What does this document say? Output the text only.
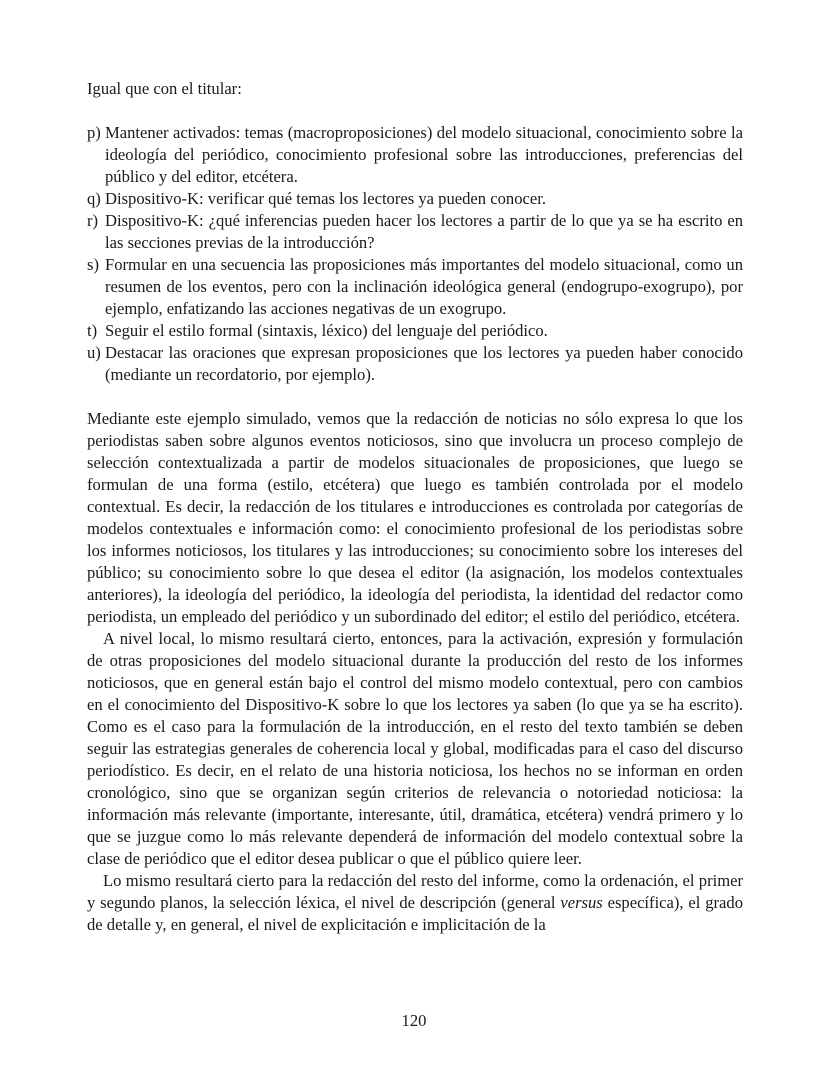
Igual que con el titular:

p) Mantener activados: temas (macroproposiciones) del modelo situacional, conocimiento sobre la ideología del periódico, conocimiento profesional sobre las introducciones, preferencias del público y del editor, etcétera.
q) Dispositivo-K: verificar qué temas los lectores ya pueden conocer.
r) Dispositivo-K: ¿qué inferencias pueden hacer los lectores a partir de lo que ya se ha escrito en las secciones previas de la introducción?
s) Formular en una secuencia las proposiciones más importantes del modelo situacional, como un resumen de los eventos, pero con la inclinación ideológica general (endogrupo-exogrupo), por ejemplo, enfatizando las acciones negativas de un exogrupo.
t) Seguir el estilo formal (sintaxis, léxico) del lenguaje del periódico.
u) Destacar las oraciones que expresan proposiciones que los lectores ya pueden haber conocido (mediante un recordatorio, por ejemplo).

Mediante este ejemplo simulado, vemos que la redacción de noticias no sólo expresa lo que los periodistas saben sobre algunos eventos noticiosos, sino que involucra un proceso complejo de selección contextualizada a partir de modelos situacionales de proposiciones, que luego se formulan de una forma (estilo, etcétera) que luego es también controlada por el modelo contextual. Es decir, la redacción de los titulares e introducciones es controlada por categorías de modelos contextuales e información como: el conocimiento profesional de los periodistas sobre los informes noticiosos, los titulares y las introducciones; su conocimiento sobre los intereses del público; su conocimiento sobre lo que desea el editor (la asignación, los modelos contextuales anteriores), la ideología del periódico, la ideología del periodista, la identidad del redactor como periodista, un empleado del periódico y un subordinado del editor; el estilo del periódico, etcétera.

A nivel local, lo mismo resultará cierto, entonces, para la activación, expresión y formulación de otras proposiciones del modelo situacional durante la producción del resto de los informes noticiosos, que en general están bajo el control del mismo modelo contextual, pero con cambios en el conocimiento del Dispositivo-K sobre lo que los lectores ya saben (lo que ya se ha escrito). Como es el caso para la formulación de la introducción, en el resto del texto también se deben seguir las estrategias generales de coherencia local y global, modificadas para el caso del discurso periodístico. Es decir, en el relato de una historia noticiosa, los hechos no se informan en orden cronológico, sino que se organizan según criterios de relevancia o notoriedad noticiosa: la información más relevante (importante, interesante, útil, dramática, etcétera) vendrá primero y lo que se juzgue como lo más relevante dependerá de información del modelo contextual sobre la clase de periódico que el editor desea publicar o que el público quiere leer.

Lo mismo resultará cierto para la redacción del resto del informe, como la ordenación, el primer y segundo planos, la selección léxica, el nivel de descripción (general versus específica), el grado de detalle y, en general, el nivel de explicitación e implicitación de la

120
